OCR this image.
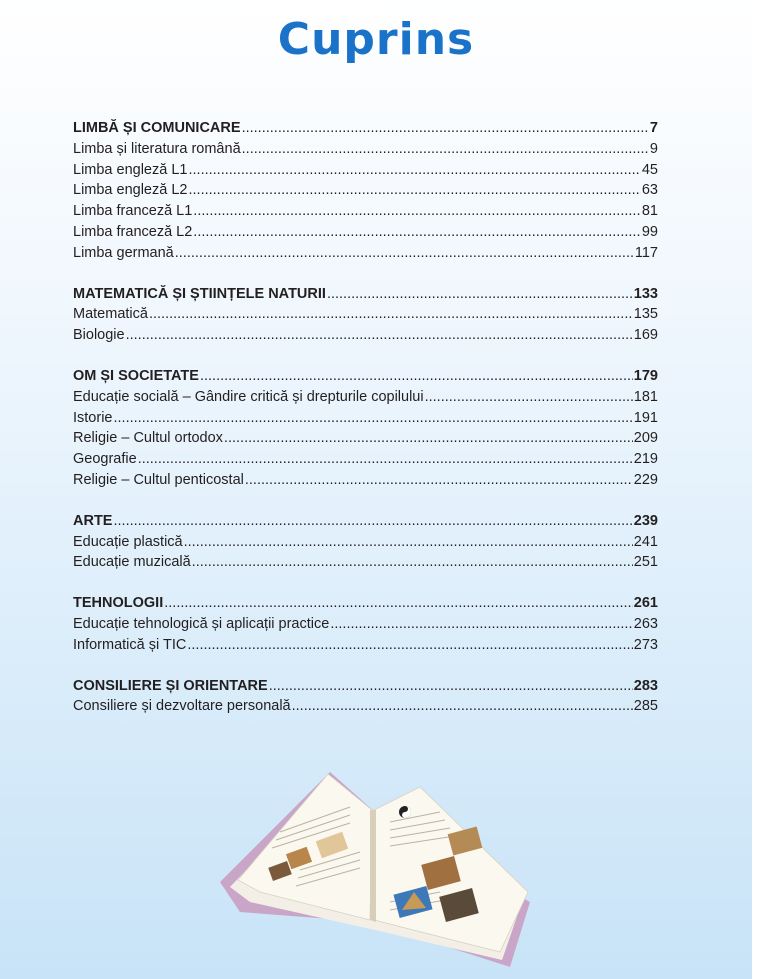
Cuprins
LIMBĂ ȘI COMUNICARE .....	7
Limba și literatura română .....	9
Limba engleză L1 .....	45
Limba engleză L2 .....	63
Limba franceză L1 .....	81
Limba franceză L2 .....	99
Limba germană .....	117
MATEMATICĂ ȘI ȘTIINȚELE NATURII .....	133
Matematică .....	135
Biologie .....	169
OM ȘI SOCIETATE .....	179
Educație socială – Gândire critică și drepturile copilului .....	181
Istorie .....	191
Religie – Cultul ortodox .....	209
Geografie .....	219
Religie – Cultul penticostal .....	229
ARTE .....	239
Educație plastică .....	241
Educație muzicală .....	251
TEHNOLOGII .....	261
Educație tehnologică și aplicații practice .....	263
Informatică și TIC .....	273
CONSILIERE ȘI ORIENTARE .....	283
Consiliere și dezvoltare personală .....	285
